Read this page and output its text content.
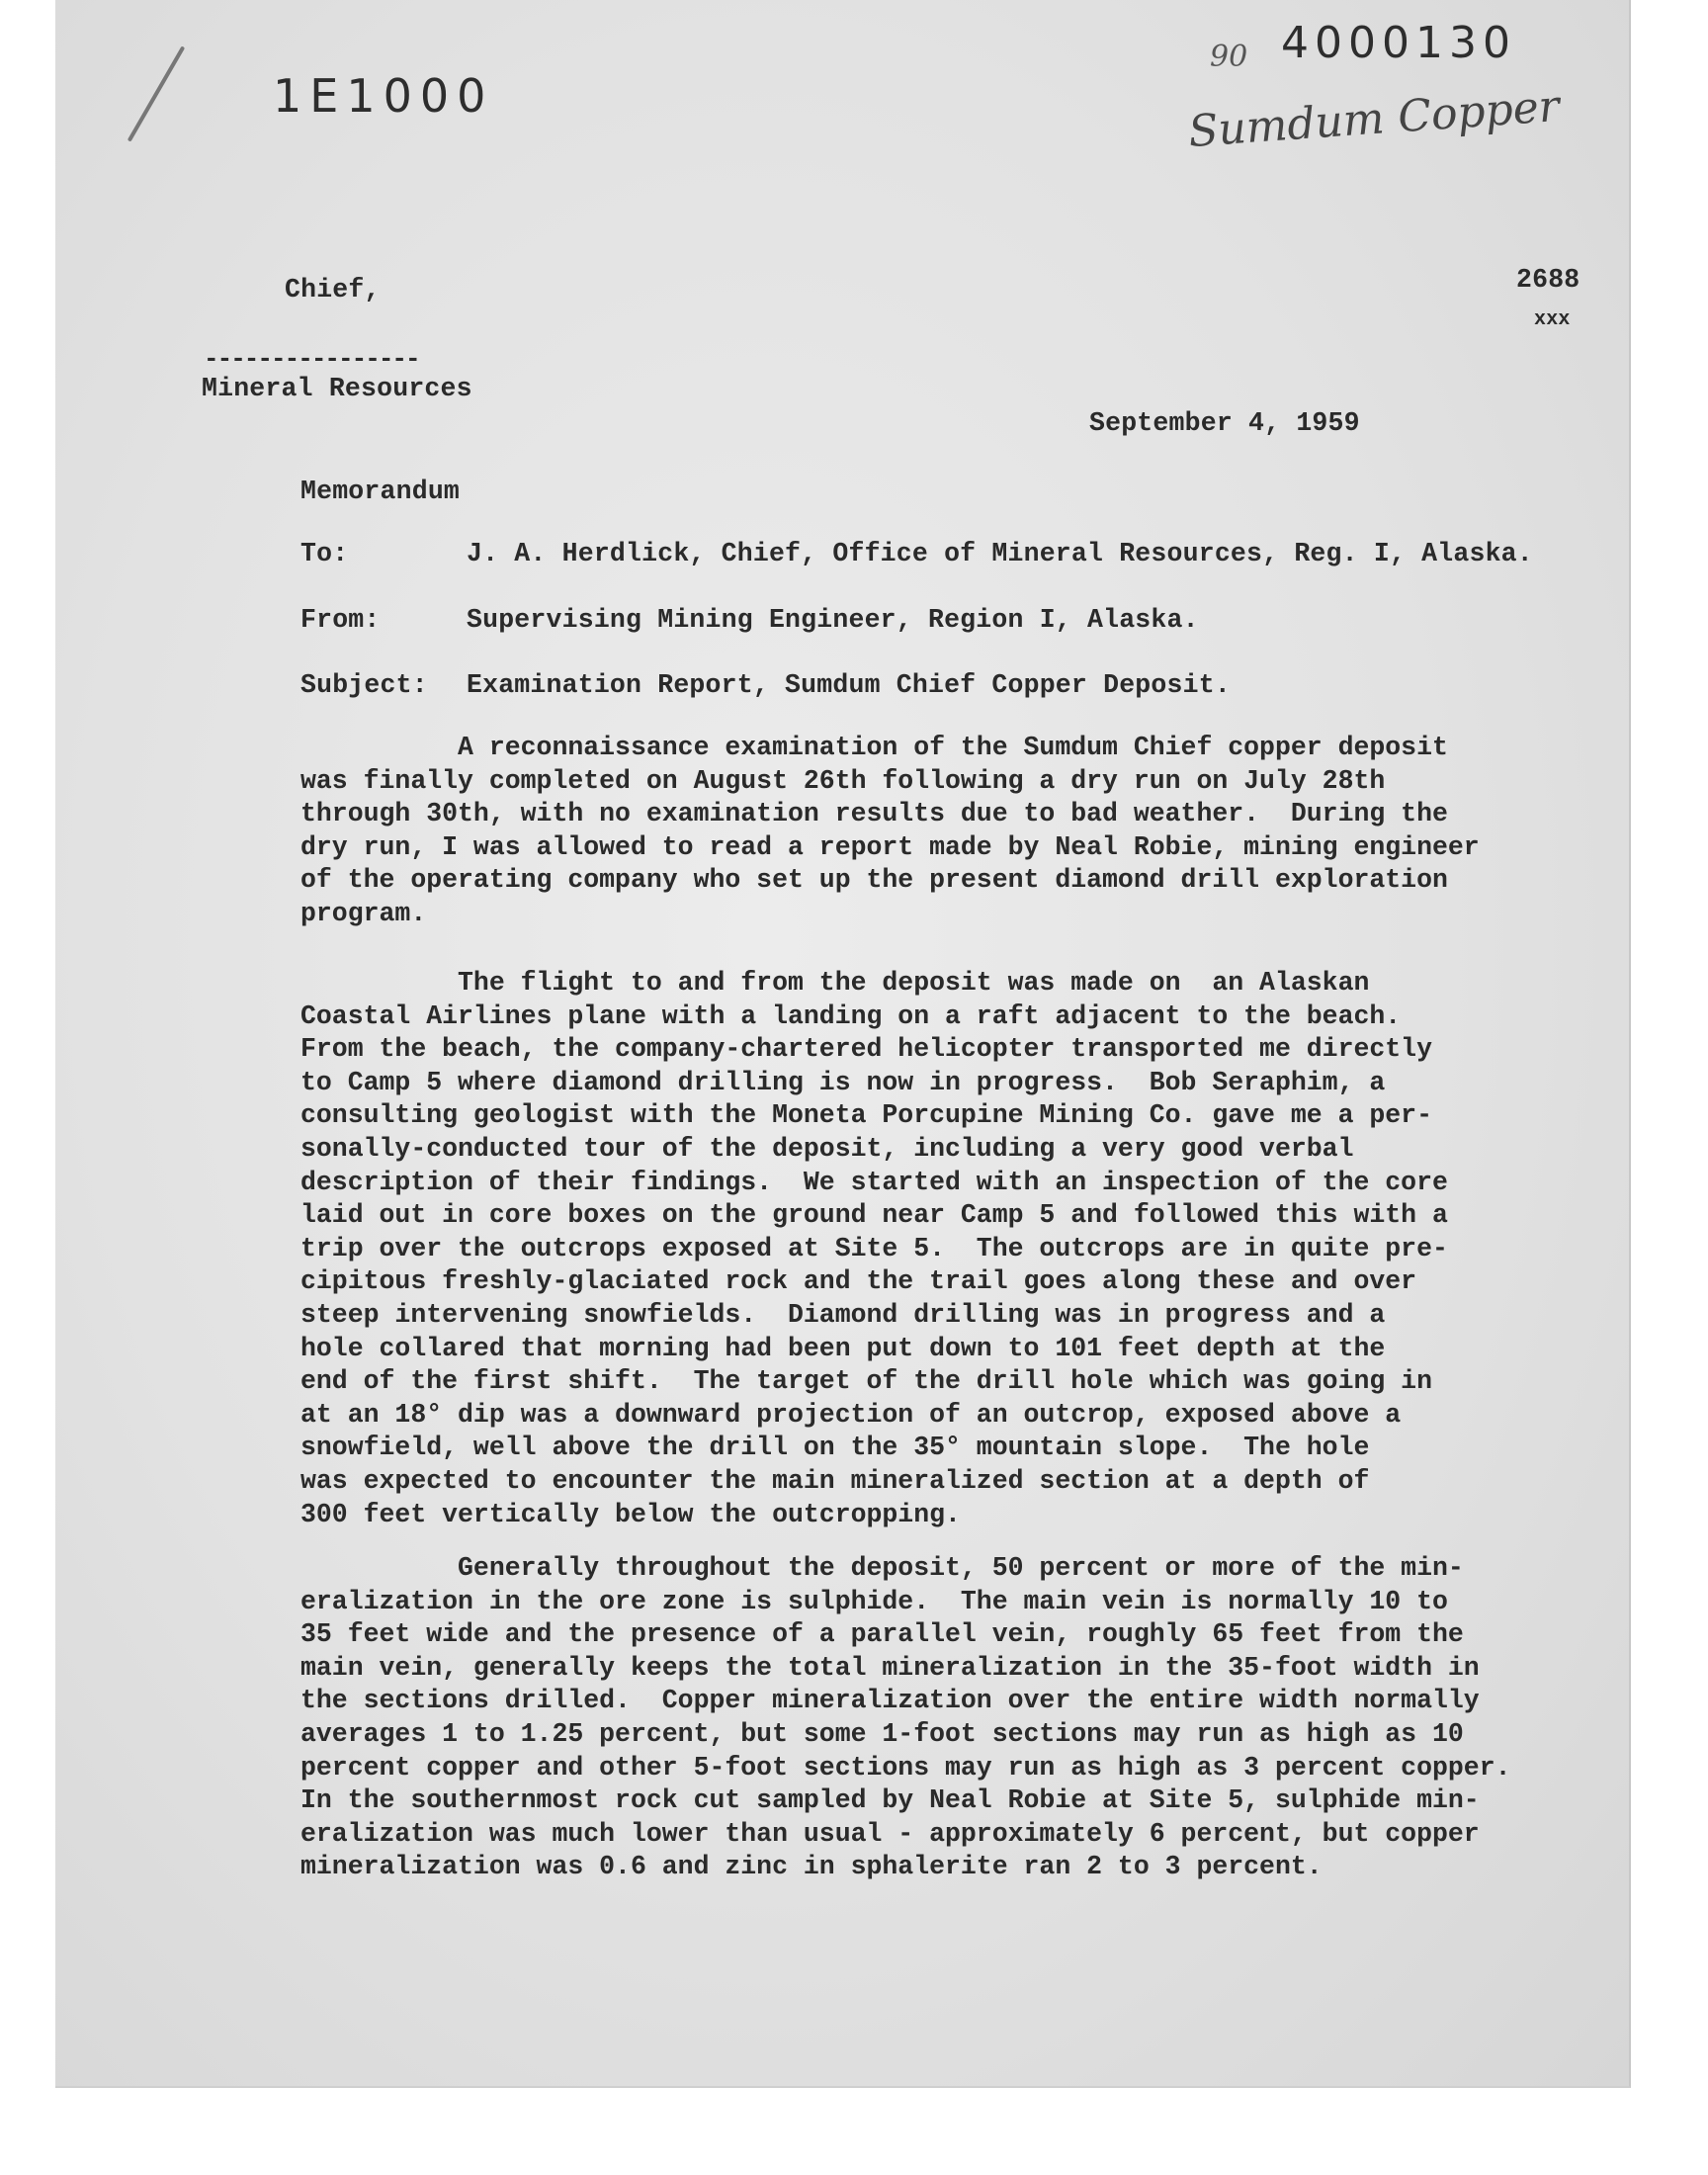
1E1000
90 4000130
Sumdum Copper
Chief,	2688
xxx
----------------
Mineral Resources
September 4, 1959
Memorandum

To:

	J. A. Herdlick, Chief, Office of Mineral Resources, Reg. I, Alaska.

From:

	Supervising Mining Engineer, Region I, Alaska.

Subject:

Examination Report, Sumdum Chief Copper Deposit.

A reconnaissance examination of the Sumdum Chief copper deposit
was finally completed on August 26th following a dry run on July 28th
through 30th, with no examination results due to bad weather.  During the
dry run, I was allowed to read a report made by Neal Robie, mining engineer
of the operating company who set up the present diamond drill exploration
program.
The flight to and from the deposit was made on  an Alaskan
Coastal Airlines plane with a landing on a raft adjacent to the beach.
From the beach, the company-chartered helicopter transported me directly
to Camp 5 where diamond drilling is now in progress.  Bob Seraphim, a
consulting geologist with the Moneta Porcupine Mining Co. gave me a per-
sonally-conducted tour of the deposit, including a very good verbal
description of their findings.  We started with an inspection of the core
laid out in core boxes on the ground near Camp 5 and followed this with a
trip over the outcrops exposed at Site 5.  The outcrops are in quite pre-
cipitous freshly-glaciated rock and the trail goes along these and over
steep intervening snowfields.  Diamond drilling was in progress and a
hole collared that morning had been put down to 101 feet depth at the
end of the first shift.  The target of the drill hole which was going in
at an 18° dip was a downward projection of an outcrop, exposed above a
snowfield, well above the drill on the 35° mountain slope.  The hole
was expected to encounter the main mineralized section at a depth of
300 feet vertically below the outcropping.
Generally throughout the deposit, 50 percent or more of the min-
eralization in the ore zone is sulphide.  The main vein is normally 10 to
35 feet wide and the presence of a parallel vein, roughly 65 feet from the
main vein, generally keeps the total mineralization in the 35-foot width in
the sections drilled.  Copper mineralization over the entire width normally
averages 1 to 1.25 percent, but some 1-foot sections may run as high as 10
percent copper and other 5-foot sections may run as high as 3 percent copper.
In the southernmost rock cut sampled by Neal Robie at Site 5, sulphide min-
eralization was much lower than usual - approximately 6 percent, but copper
mineralization was 0.6 and zinc in sphalerite ran 2 to 3 percent.
